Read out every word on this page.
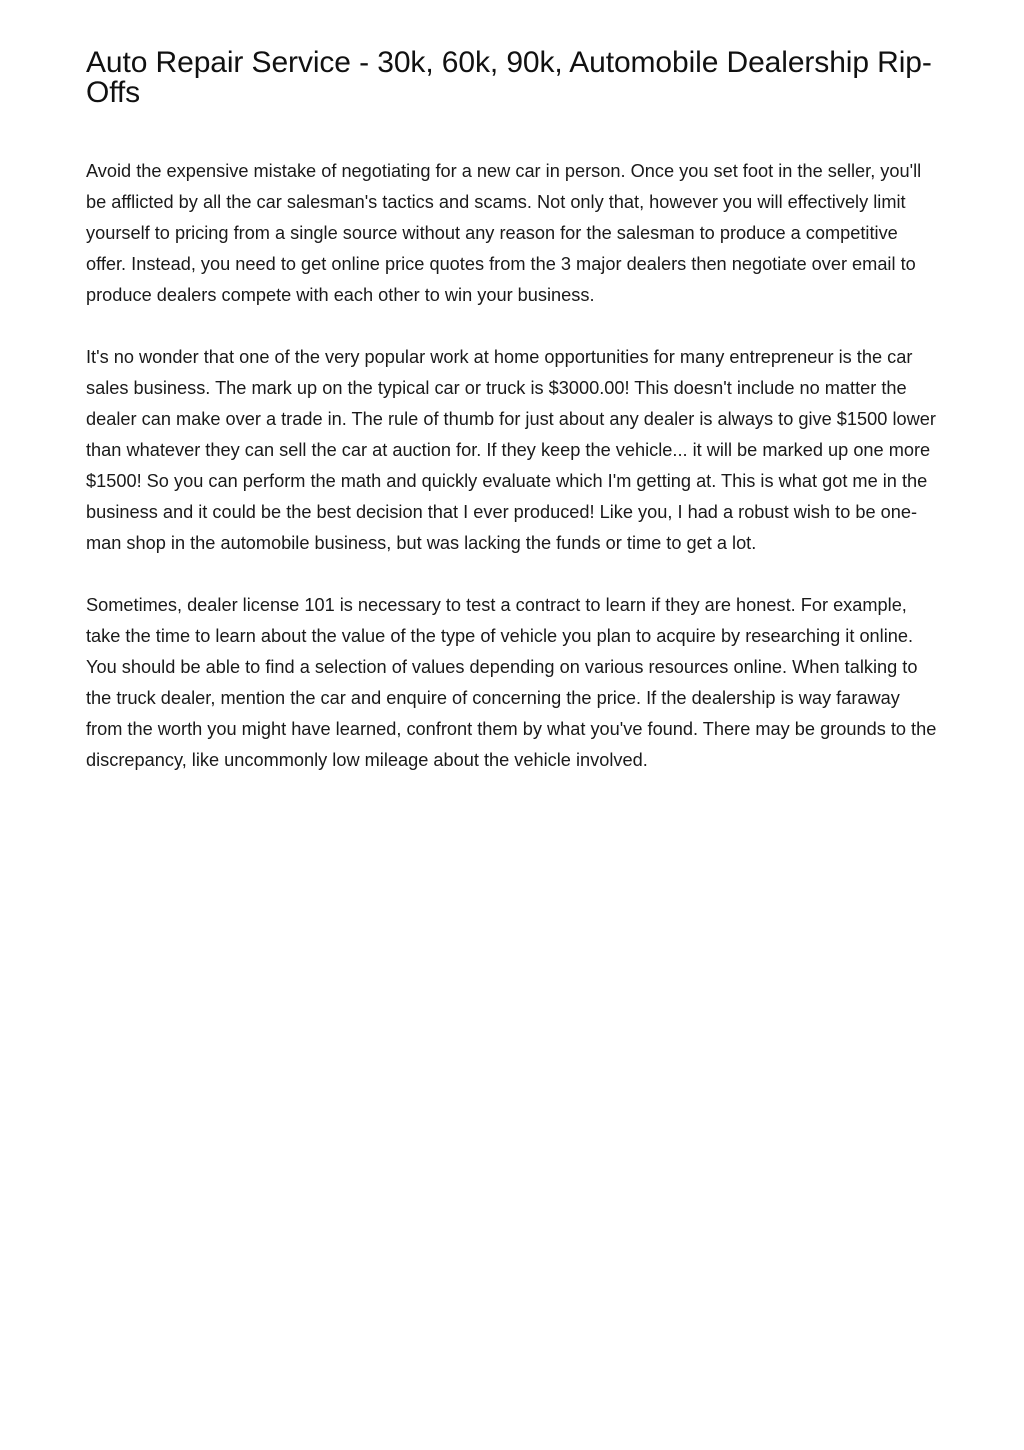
Auto Repair Service - 30k, 60k, 90k, Automobile Dealership Rip-Offs

Avoid the expensive mistake of negotiating for a new car in person. Once you set foot in the seller, you'll be afflicted by all the car salesman's tactics and scams. Not only that, however you will effectively limit yourself to pricing from a single source without any reason for the salesman to produce a competitive offer. Instead, you need to get online price quotes from the 3 major dealers then negotiate over email to produce dealers compete with each other to win your business.

It's no wonder that one of the very popular work at home opportunities for many entrepreneur is the car sales business. The mark up on the typical car or truck is $3000.00! This doesn't include no matter the dealer can make over a trade in. The rule of thumb for just about any dealer is always to give $1500 lower than whatever they can sell the car at auction for. If they keep the vehicle... it will be marked up one more $1500! So you can perform the math and quickly evaluate which I'm getting at. This is what got me in the business and it could be the best decision that I ever produced! Like you, I had a robust wish to be one-man shop in the automobile business, but was lacking the funds or time to get a lot.

Sometimes, dealer license 101 is necessary to test a contract to learn if they are honest. For example, take the time to learn about the value of the type of vehicle you plan to acquire by researching it online. You should be able to find a selection of values depending on various resources online. When talking to the truck dealer, mention the car and enquire of concerning the price. If the dealership is way faraway from the worth you might have learned, confront them by what you've found. There may be grounds to the discrepancy, like uncommonly low mileage about the vehicle involved.
